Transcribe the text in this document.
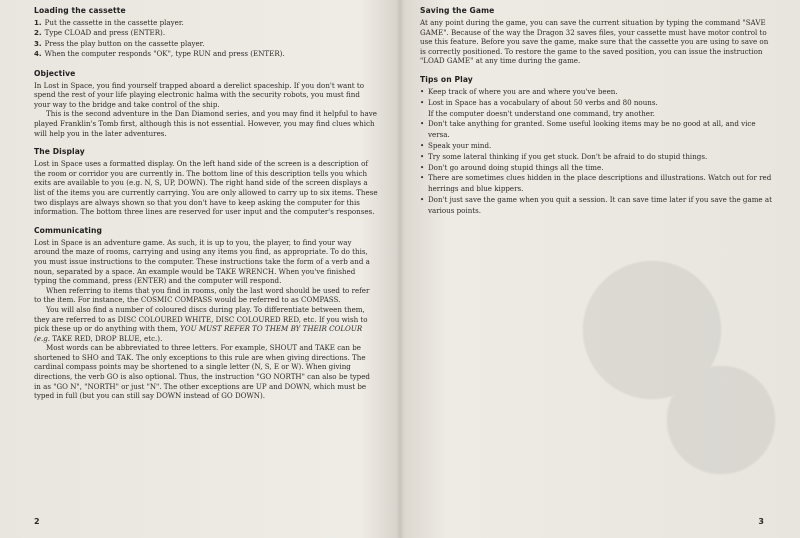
Loading the cassette
1. Put the cassette in the cassette player.
2. Type CLOAD and press (ENTER).
3. Press the play button on the cassette player.
4. When the computer responds "OK", type RUN and press (ENTER).
Objective

In Lost in Space, you find yourself trapped aboard a derelict spaceship. If you don't want to spend the rest of your life playing electronic halma with the security robots, you must find your way to the bridge and take control of the ship.

This is the second adventure in the Dan Diamond series, and you may find it helpful to have played Franklin's Tomb first, although this is not essential. However, you may find clues which will help you in the later adventures.

The Display

Lost in Space uses a formatted display. On the left hand side of the screen is a description of the room or corridor you are currently in. The bottom line of this description tells you which exits are available to you (e.g. N, S, UP, DOWN). The right hand side of the screen displays a list of the items you are currently carrying. You are only allowed to carry up to six items. These two displays are always shown so that you don't have to keep asking the computer for this information. The bottom three lines are reserved for user input and the computer's responses.

Communicating

Lost in Space is an adventure game. As such, it is up to you, the player, to find your way around the maze of rooms, carrying and using any items you find, as appropriate. To do this, you must issue instructions to the computer. These instructions take the form of a verb and a noun, separated by a space. An example would be TAKE WRENCH. When you've finished typing the command, press (ENTER) and the computer will respond.

When referring to items that you find in rooms, only the last word should be used to refer to the item. For instance, the COSMIC COMPASS would be referred to as COMPASS.

You will also find a number of coloured discs during play. To differentiate between them, they are referred to as DISC COLOURED WHITE, DISC COLOURED RED, etc. If you wish to pick these up or do anything with them, YOU MUST REFER TO THEM BY THEIR COLOUR (e.g. TAKE RED, DROP BLUE, etc.).

Most words can be abbreviated to three letters. For example, SHOUT and TAKE can be shortened to SHO and TAK. The only exceptions to this rule are when giving directions. The cardinal compass points may be shortened to a single letter (N, S, E or W). When giving directions, the verb GO is also optional. Thus, the instruction "GO NORTH" can also be typed in as "GO N", "NORTH" or just "N". The other exceptions are UP and DOWN, which must be typed in full (but you can still say DOWN instead of GO DOWN).

2
Saving the Game

At any point during the game, you can save the current situation by typing the command "SAVE GAME". Because of the way the Dragon 32 saves files, your cassette must have motor control to use this feature. Before you save the game, make sure that the cassette you are using to save on is correctly positioned. To restore the game to the saved position, you can issue the instruction "LOAD GAME" at any time during the game.

Tips on Play
• Keep track of where you are and where you've been.
• Lost in Space has a vocabulary of about 50 verbs and 80 nouns.
If the computer doesn't understand one command, try another.
• Don't take anything for granted. Some useful looking items may be no good at all, and vice versa.
• Speak your mind.
• Try some lateral thinking if you get stuck. Don't be afraid to do stupid things.
• Don't go around doing stupid things all the time.
• There are sometimes clues hidden in the place descriptions and illustrations. Watch out for red herrings and blue kippers.
• Don't just save the game when you quit a session. It can save time later if you save the game at various points.
3
